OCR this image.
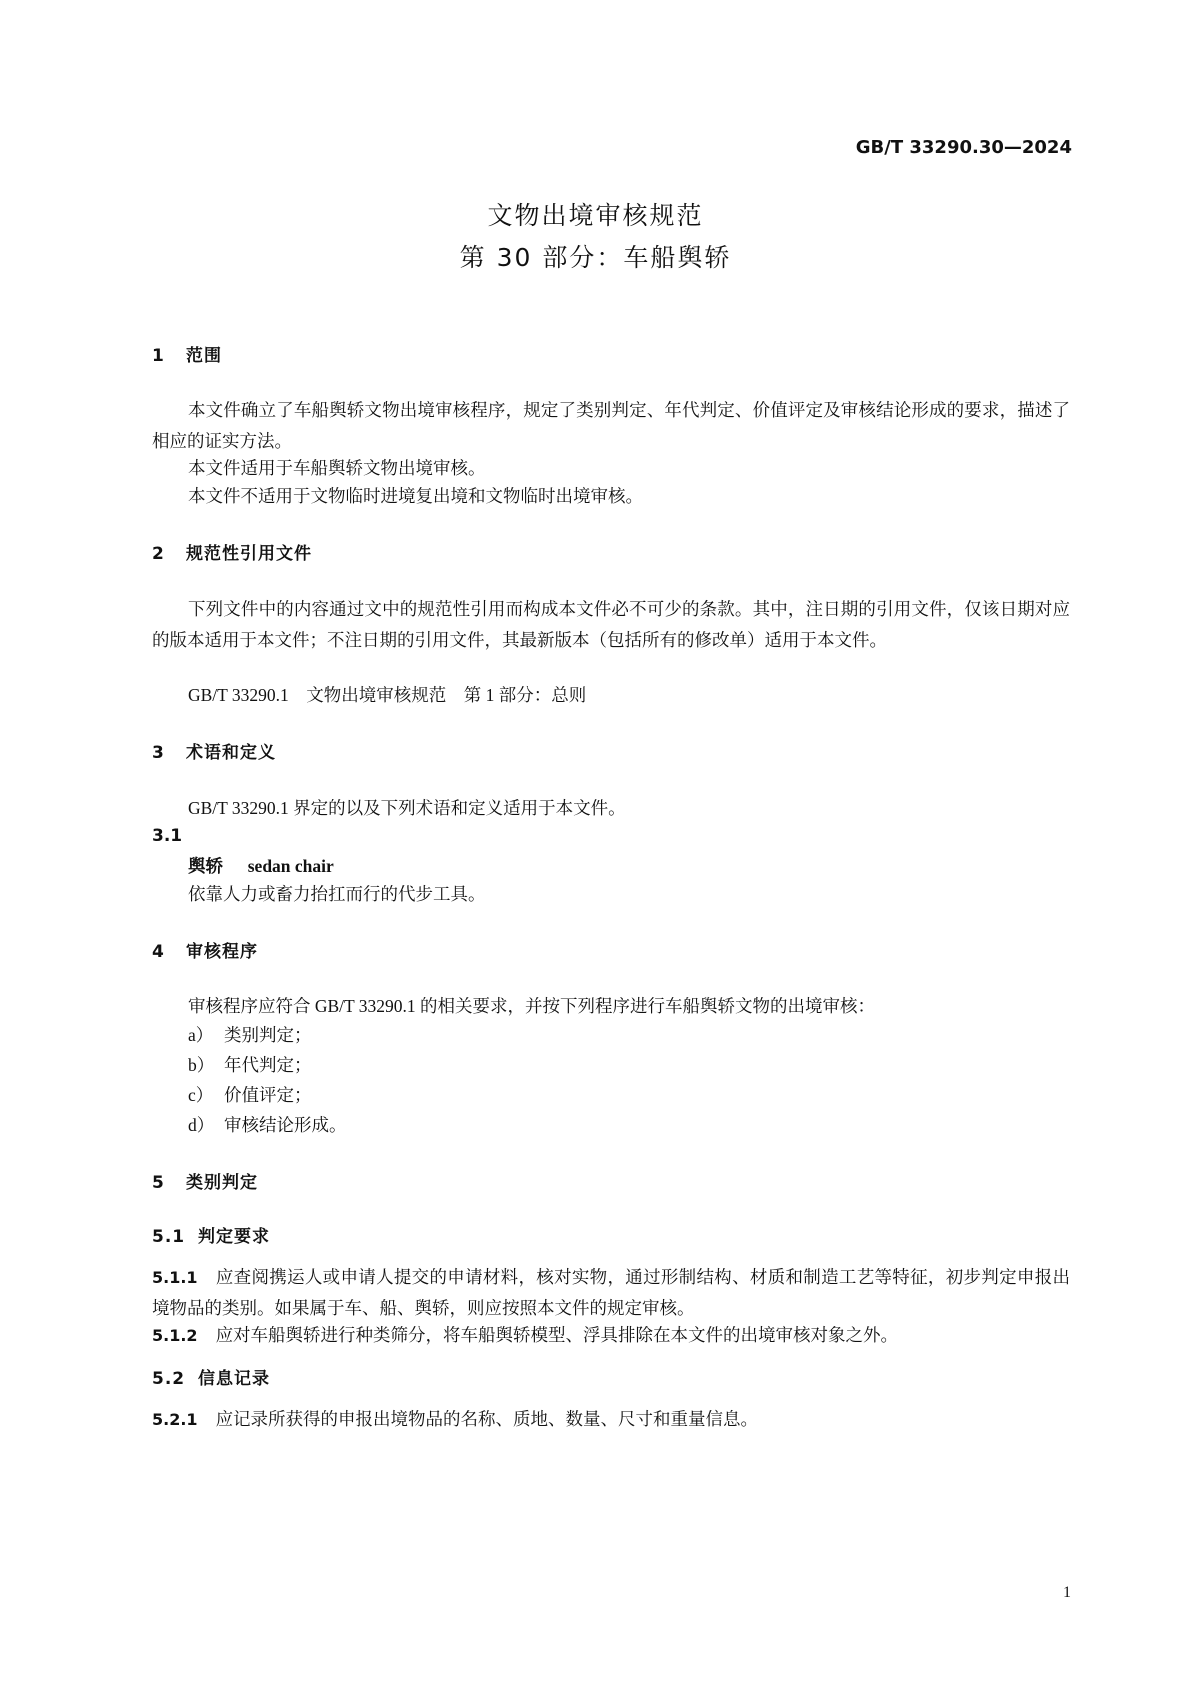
GB/T 33290.30—2024
文物出境审核规范
第 30 部分：车船舆轿
1 范围
本文件确立了车船舆轿文物出境审核程序，规定了类别判定、年代判定、价值评定及审核结论形成的要求，描述了相应的证实方法。
本文件适用于车船舆轿文物出境审核。
本文件不适用于文物临时进境复出境和文物临时出境审核。
2 规范性引用文件
下列文件中的内容通过文中的规范性引用而构成本文件必不可少的条款。其中，注日期的引用文件，仅该日期对应的版本适用于本文件；不注日期的引用文件，其最新版本（包括所有的修改单）适用于本文件。
GB/T 33290.1　文物出境审核规范　第 1 部分：总则
3 术语和定义
GB/T 33290.1 界定的以及下列术语和定义适用于本文件。
3.1
舆轿 sedan chair
依靠人力或畜力抬扛而行的代步工具。
4 审核程序
审核程序应符合 GB/T 33290.1 的相关要求，并按下列程序进行车船舆轿文物的出境审核：
a） 类别判定；
b） 年代判定；
c） 价值评定；
d） 审核结论形成。
5 类别判定
5.1 判定要求
5.1.1 应查阅携运人或申请人提交的申请材料，核对实物，通过形制结构、材质和制造工艺等特征，初步判定申报出境物品的类别。如果属于车、船、舆轿，则应按照本文件的规定审核。
5.1.2 应对车船舆轿进行种类筛分，将车船舆轿模型、浮具排除在本文件的出境审核对象之外。
5.2 信息记录
5.2.1 应记录所获得的申报出境物品的名称、质地、数量、尺寸和重量信息。
1
